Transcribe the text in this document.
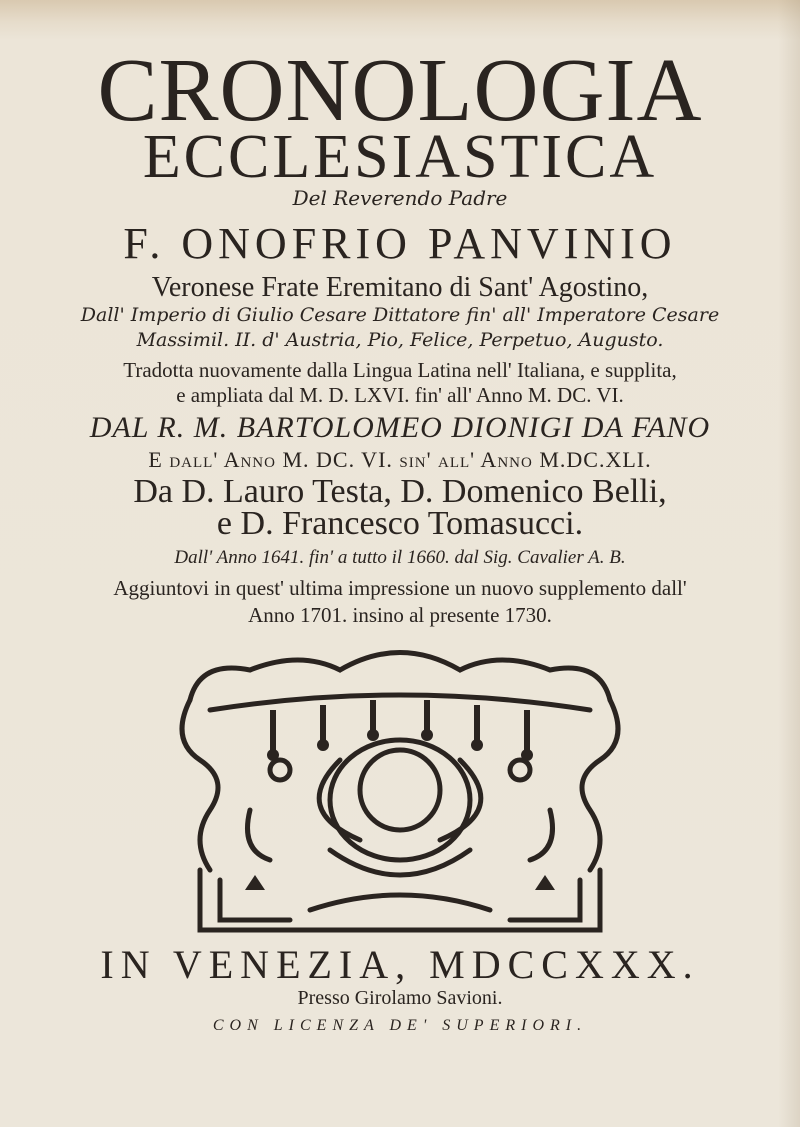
CRONOLOGIA
ECCLESIASTICA
Del Reverendo Padre
F. ONOFRIO PANVINIO
Veronese Frate Eremitano di Sant' Agostino,
Dall' Imperio di Giulio Cesare Dittatore fin' all' Imperatore Cesare
Massimil. II. d' Austria, Pio, Felice, Perpetuo, Augusto.
Tradotta nuovamente dalla Lingua Latina nell' Italiana, e supplita,
e ampliata dal M. D. LXVI. fin' all' Anno M. DC. VI.
DAL R. M. BARTOLOMEO DIONIGI DA FANO
E dall' Anno M. DC. VI. sin' all' Anno M.DC.XLI.
Da D. Lauro Testa, D. Domenico Belli,
e D. Francesco Tomasucci.
Dall' Anno 1641. fin' a tutto il 1660. dal Sig. Cavalier A. B.
Aggiuntovi in quest' ultima impressione un nuovo supplemento dall'
Anno 1701. insino al presente 1730.
IN VENEZIA, MDCCXXX.
Presso Girolamo Savioni.
CON LICENZA DE' SUPERIORI.
